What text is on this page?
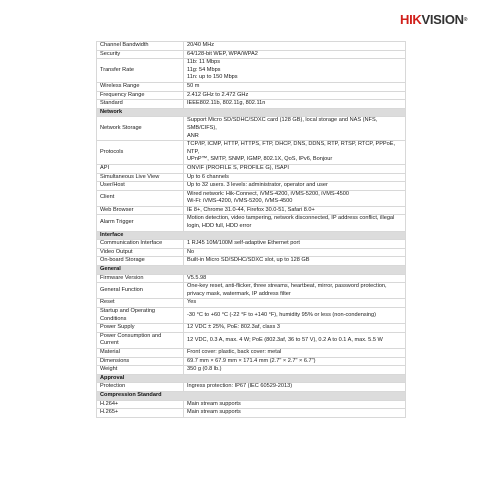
HIKVISION®
Channel Bandwidth	20/40 MHz

Security	64/128-bit WEP, WPA/WPA2

Transfer Rate	11b: 11 Mbps
11g: 54 Mbps
11n: up to 150 Mbps

Wireless Range	50 m

Frequency Range	2.412 GHz to 2.472 GHz

Standard	IEEE802.11b, 802.11g, 802.11n

Network	
Network Storage	Support Micro SD/SDHC/SDXC card (128 GB), local storage and NAS (NFS, SMB/CIFS),
ANR

Protocols	TCP/IP, ICMP, HTTP, HTTPS, FTP, DHCP, DNS, DDNS, RTP, RTSP, RTCP, PPPoE, NTP,
UPnP™, SMTP, SNMP, IGMP, 802.1X, QoS, IPv6, Bonjour

API	ONVIF (PROFILE S, PROFILE G), ISAPI

Simultaneous Live View	Up to 6 channels

User/Host	Up to 32 users. 3 levels: administrator, operator and user

Client	Wired network: Hik-Connect, iVMS-4200, iVMS-5200, iVMS-4500
Wi-Fi: iVMS-4200, iVMS-5200, iVMS-4500

Web Browser	IE 8+, Chrome 31.0-44, Firefox 30.0-51, Safari 8.0+

Alarm Trigger	Motion detection, video tampering, network disconnected, IP address conflict, illegal
login, HDD full, HDD error

Interface	
Communication Interface	1 RJ45 10M/100M self-adaptive Ethernet port

Video Output	No

On-board Storage	Built-in Micro SD/SDHC/SDXC slot, up to 128 GB

General	
Firmware Version	V5.5.98

General Function	One-key reset, anti-flicker, three streams, heartbeat, mirror, password protection,
privacy mask, watermark, IP address filter

Reset	Yes

Startup and Operating Conditions	-30 °C to +60 °C (-22 °F to +140 °F), humidity 95% or less (non-condensing)

Power Supply	12 VDC ± 25%, PoE: 802.3af, class 3

Power Consumption and Current	12 VDC, 0.3 A, max. 4 W; PoE (802.3af, 36 to 57 V), 0.2 A to 0.1 A, max. 5.5 W

Material	Front cover: plastic, back cover: metal

Dimensions	69.7 mm × 67.9 mm × 171.4 mm (2.7" × 2.7" × 6.7")

Weight	350 g (0.8 lb.)

Approval	
Protection	Ingress protection: IP67 (IEC 60529-2013)

Compression Standard	
H.264+	Main stream supports

H.265+	Main stream supports
